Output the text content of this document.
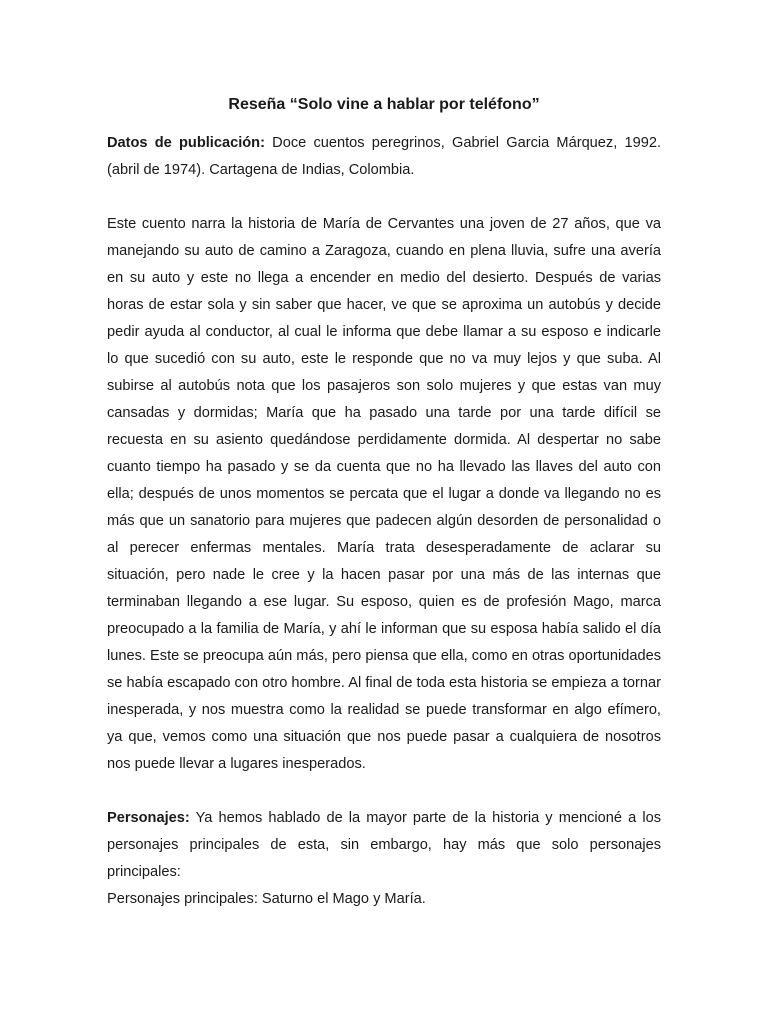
Reseña “Solo vine a hablar por teléfono”

Datos de publicación: Doce cuentos peregrinos, Gabriel Garcia Márquez, 1992. (abril de 1974). Cartagena de Indias, Colombia.

Este cuento narra la historia de María de Cervantes una joven de 27 años, que va manejando su auto de camino a Zaragoza, cuando en plena lluvia, sufre una avería en su auto y este no llega a encender en medio del desierto. Después de varias horas de estar sola y sin saber que hacer, ve que se aproxima un autobús y decide pedir ayuda al conductor, al cual le informa que debe llamar a su esposo e indicarle lo que sucedió con su auto, este le responde que no va muy lejos y que suba. Al subirse al autobús nota que los pasajeros son solo mujeres y que estas van muy cansadas y dormidas; María que ha pasado una tarde por una tarde difícil se recuesta en su asiento quedándose perdidamente dormida. Al despertar no sabe cuanto tiempo ha pasado y se da cuenta que no ha llevado las llaves del auto con ella; después de unos momentos se percata que el lugar a donde va llegando no es más que un sanatorio para mujeres que padecen algún desorden de personalidad o al perecer enfermas mentales. María trata desesperadamente de aclarar su situación, pero nade le cree y la hacen pasar por una más de las internas que terminaban llegando a ese lugar. Su esposo, quien es de profesión Mago, marca preocupado a la familia de María, y ahí le informan que su esposa había salido el día lunes. Este se preocupa aún más, pero piensa que ella, como en otras oportunidades se había escapado con otro hombre. Al final de toda esta historia se empieza a tornar inesperada, y nos muestra como la realidad se puede transformar en algo efímero, ya que, vemos como una situación que nos puede pasar a cualquiera de nosotros nos puede llevar a lugares inesperados.

Personajes: Ya hemos hablado de la mayor parte de la historia y mencioné a los personajes principales de esta, sin embargo, hay más que solo personajes principales:

Personajes principales: Saturno el Mago y María.
